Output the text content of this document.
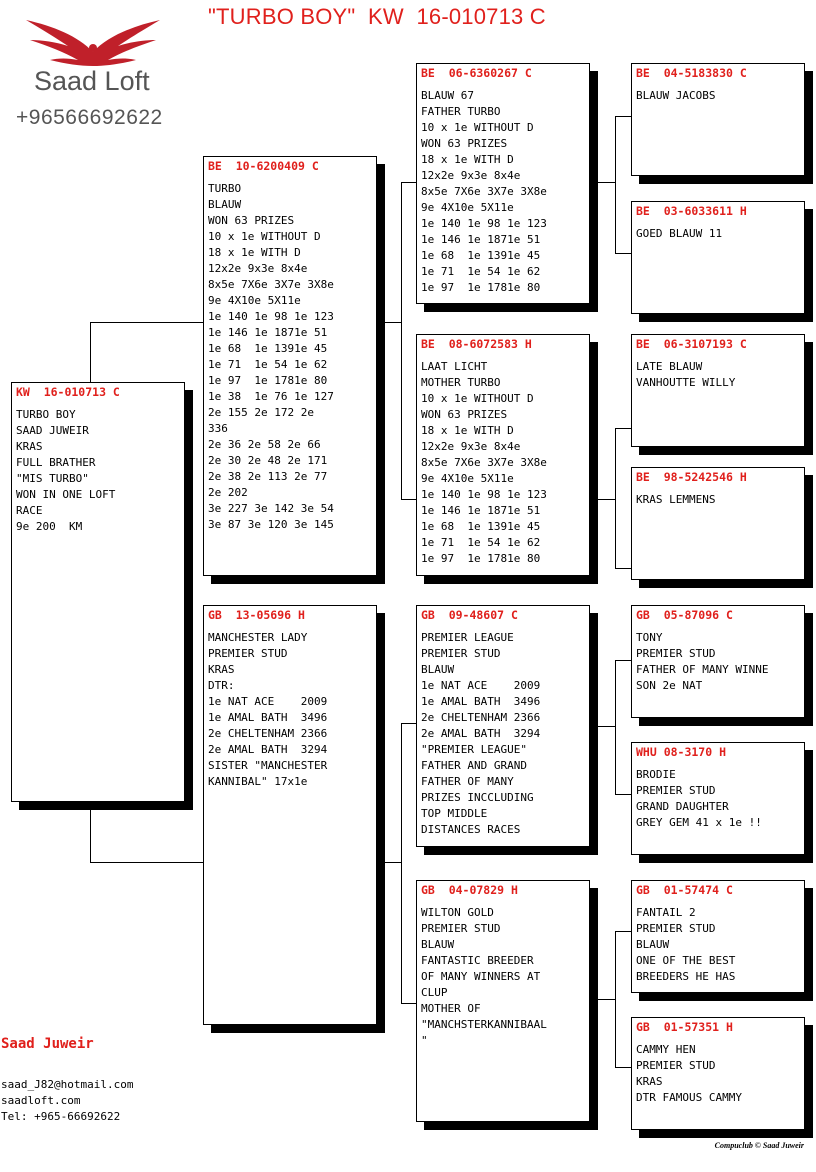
"TURBO BOY"  KW  16-010713 C
Saad Loft
+96566692622
KW  16-010713 C
TURBO BOY
SAAD JUWEIR
KRAS
FULL BRATHER
"MIS TURBO"
WON IN ONE LOFT
RACE
9e 200  KM
BE  10-6200409 C
TURBO
BLAUW
WON 63 PRIZES
10 x 1e WITHOUT D
18 x 1e WITH D
12x2e 9x3e 8x4e
8x5e 7X6e 3X7e 3X8e
9e 4X10e 5X11e
1e 140 1e 98 1e 123
1e 146 1e 1871e 51
1e 68  1e 1391e 45
1e 71  1e 54 1e 62
1e 97  1e 1781e 80
1e 38  1e 76 1e 127
2e 155 2e 172 2e
336
2e 36 2e 58 2e 66
2e 30 2e 48 2e 171
2e 38 2e 113 2e 77
2e 202
3e 227 3e 142 3e 54
3e 87 3e 120 3e 145
GB  13-05696 H
MANCHESTER LADY
PREMIER STUD
KRAS
DTR:
1e NAT ACE    2009
1e AMAL BATH  3496
2e CHELTENHAM 2366
2e AMAL BATH  3294
SISTER "MANCHESTER
KANNIBAL" 17x1e
BE  06-6360267 C
BLAUW 67
FATHER TURBO
10 x 1e WITHOUT D
WON 63 PRIZES
18 x 1e WITH D
12x2e 9x3e 8x4e
8x5e 7X6e 3X7e 3X8e
9e 4X10e 5X11e
1e 140 1e 98 1e 123
1e 146 1e 1871e 51
1e 68  1e 1391e 45
1e 71  1e 54 1e 62
1e 97  1e 1781e 80
BE  08-6072583 H
LAAT LICHT
MOTHER TURBO
10 x 1e WITHOUT D
WON 63 PRIZES
18 x 1e WITH D
12x2e 9x3e 8x4e
8x5e 7X6e 3X7e 3X8e
9e 4X10e 5X11e
1e 140 1e 98 1e 123
1e 146 1e 1871e 51
1e 68  1e 1391e 45
1e 71  1e 54 1e 62
1e 97  1e 1781e 80
GB  09-48607 C
PREMIER LEAGUE
PREMIER STUD
BLAUW
1e NAT ACE    2009
1e AMAL BATH  3496
2e CHELTENHAM 2366
2e AMAL BATH  3294
"PREMIER LEAGUE"
FATHER AND GRAND
FATHER OF MANY
PRIZES INCCLUDING
TOP MIDDLE
DISTANCES RACES
GB  04-07829 H
WILTON GOLD
PREMIER STUD
BLAUW
FANTASTIC BREEDER
OF MANY WINNERS AT
CLUP
MOTHER OF
"MANCHSTERKANNIBAAL
"
BE  04-5183830 C
BLAUW JACOBS
BE  03-6033611 H
GOED BLAUW 11
BE  06-3107193 C
LATE BLAUW
VANHOUTTE WILLY
BE  98-5242546 H
KRAS LEMMENS
GB  05-87096 C
TONY
PREMIER STUD
FATHER OF MANY WINNE
SON 2e NAT
WHU 08-3170 H
BRODIE
PREMIER STUD
GRAND DAUGHTER
GREY GEM 41 x 1e !!
GB  01-57474 C
FANTAIL 2
PREMIER STUD
BLAUW
ONE OF THE BEST
BREEDERS HE HAS
GB  01-57351 H
CAMMY HEN
PREMIER STUD
KRAS
DTR FAMOUS CAMMY
Saad Juweir
saad_J82@hotmail.com
saadloft.com
Tel: +965-66692622
Compuclub © Saad Juweir
